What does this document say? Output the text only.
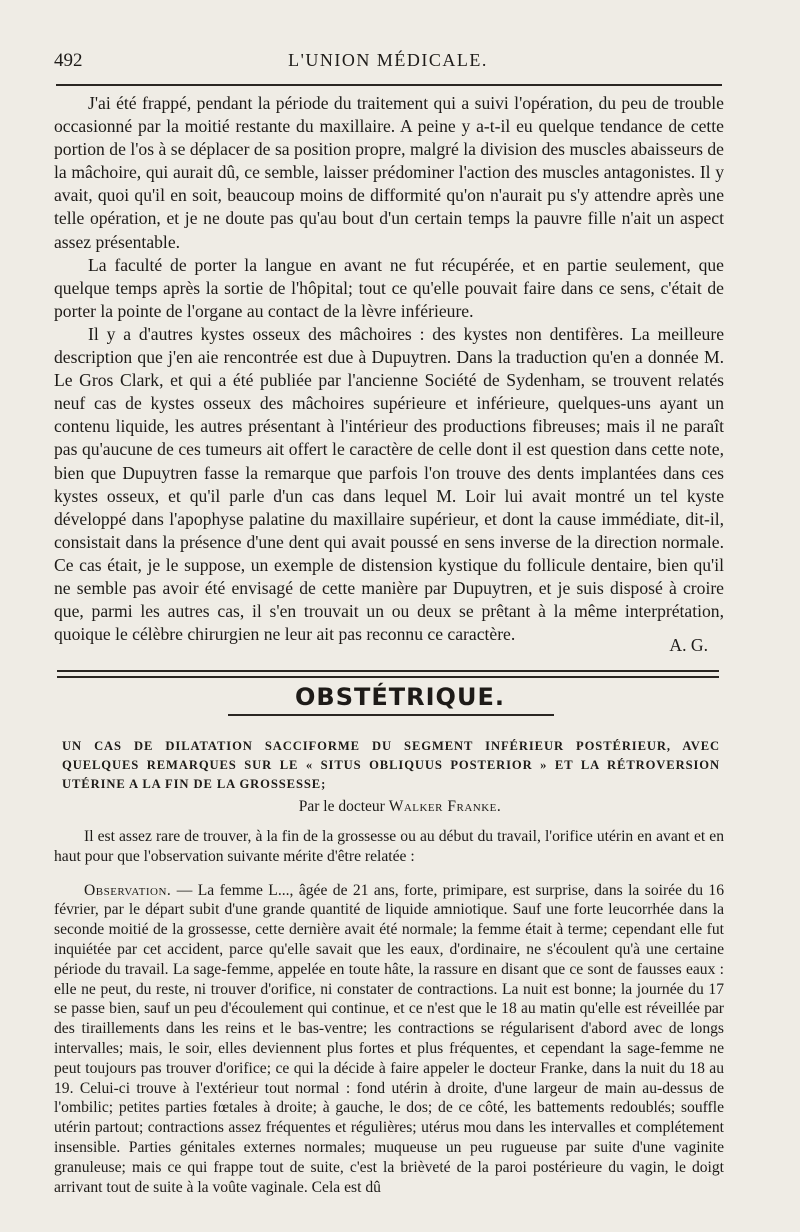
492	L'UNION MÉDICALE.

J'ai été frappé, pendant la période du traitement qui a suivi l'opération, du peu de trouble occasionné par la moitié restante du maxillaire. A peine y a-t-il eu quelque tendance de cette portion de l'os à se déplacer de sa position propre, malgré la division des muscles abaisseurs de la mâchoire, qui aurait dû, ce semble, laisser prédominer l'action des muscles antagonistes. Il y avait, quoi qu'il en soit, beaucoup moins de difformité qu'on n'aurait pu s'y attendre après une telle opération, et je ne doute pas qu'au bout d'un certain temps la pauvre fille n'ait un aspect assez présentable.

La faculté de porter la langue en avant ne fut récupérée, et en partie seulement, que quelque temps après la sortie de l'hôpital; tout ce qu'elle pouvait faire dans ce sens, c'était de porter la pointe de l'organe au contact de la lèvre inférieure.

Il y a d'autres kystes osseux des mâchoires : des kystes non dentifères. La meilleure description que j'en aie rencontrée est due à Dupuytren. Dans la traduction qu'en a donnée M. Le Gros Clark, et qui a été publiée par l'ancienne Société de Sydenham, se trouvent relatés neuf cas de kystes osseux des mâchoires supérieure et inférieure, quelques-uns ayant un contenu liquide, les autres présentant à l'intérieur des productions fibreuses; mais il ne paraît pas qu'aucune de ces tumeurs ait offert le caractère de celle dont il est question dans cette note, bien que Dupuytren fasse la remarque que parfois l'on trouve des dents implantées dans ces kystes osseux, et qu'il parle d'un cas dans lequel M. Loir lui avait montré un tel kyste développé dans l'apophyse palatine du maxillaire supérieur, et dont la cause immédiate, dit-il, consistait dans la présence d'une dent qui avait poussé en sens inverse de la direction normale. Ce cas était, je le suppose, un exemple de distension kystique du follicule dentaire, bien qu'il ne semble pas avoir été envisagé de cette manière par Dupuytren, et je suis disposé à croire que, parmi les autres cas, il s'en trouvait un ou deux se prêtant à la même interprétation, quoique le célèbre chirurgien ne leur ait pas reconnu ce caractère.

A. G.
OBSTÉTRIQUE.
UN CAS DE DILATATION SACCIFORME DU SEGMENT INFÉRIEUR POSTÉRIEUR, AVEC QUELQUES REMARQUES SUR LE « SITUS OBLIQUUS POSTERIOR » ET LA RÉTROVERSION UTÉRINE A LA FIN DE LA GROSSESSE;
Par le docteur Walker Franke.

Il est assez rare de trouver, à la fin de la grossesse ou au début du travail, l'orifice utérin en avant et en haut pour que l'observation suivante mérite d'être relatée :

Observation. — La femme L..., âgée de 21 ans, forte, primipare, est surprise, dans la soirée du 16 février, par le départ subit d'une grande quantité de liquide amniotique. Sauf une forte leucorrhée dans la seconde moitié de la grossesse, cette dernière avait été normale; la femme était à terme; cependant elle fut inquiétée par cet accident, parce qu'elle savait que les eaux, d'ordinaire, ne s'écoulent qu'à une certaine période du travail. La sage-femme, appelée en toute hâte, la rassure en disant que ce sont de fausses eaux : elle ne peut, du reste, ni trouver d'orifice, ni constater de contractions. La nuit est bonne; la journée du 17 se passe bien, sauf un peu d'écoulement qui continue, et ce n'est que le 18 au matin qu'elle est réveillée par des tiraillements dans les reins et le bas-ventre; les contractions se régularisent d'abord avec de longs intervalles; mais, le soir, elles deviennent plus fortes et plus fréquentes, et cependant la sage-femme ne peut toujours pas trouver d'orifice; ce qui la décide à faire appeler le docteur Franke, dans la nuit du 18 au 19. Celui-ci trouve à l'extérieur tout normal : fond utérin à droite, d'une largeur de main au-dessus de l'ombilic; petites parties fœtales à droite; à gauche, le dos; de ce côté, les battements redoublés; souffle utérin partout; contractions assez fréquentes et régulières; utérus mou dans les intervalles et complétement insensible. Parties génitales externes normales; muqueuse un peu rugueuse par suite d'une vaginite granuleuse; mais ce qui frappe tout de suite, c'est la brièveté de la paroi postérieure du vagin, le doigt arrivant tout de suite à la voûte vaginale. Cela est dû
